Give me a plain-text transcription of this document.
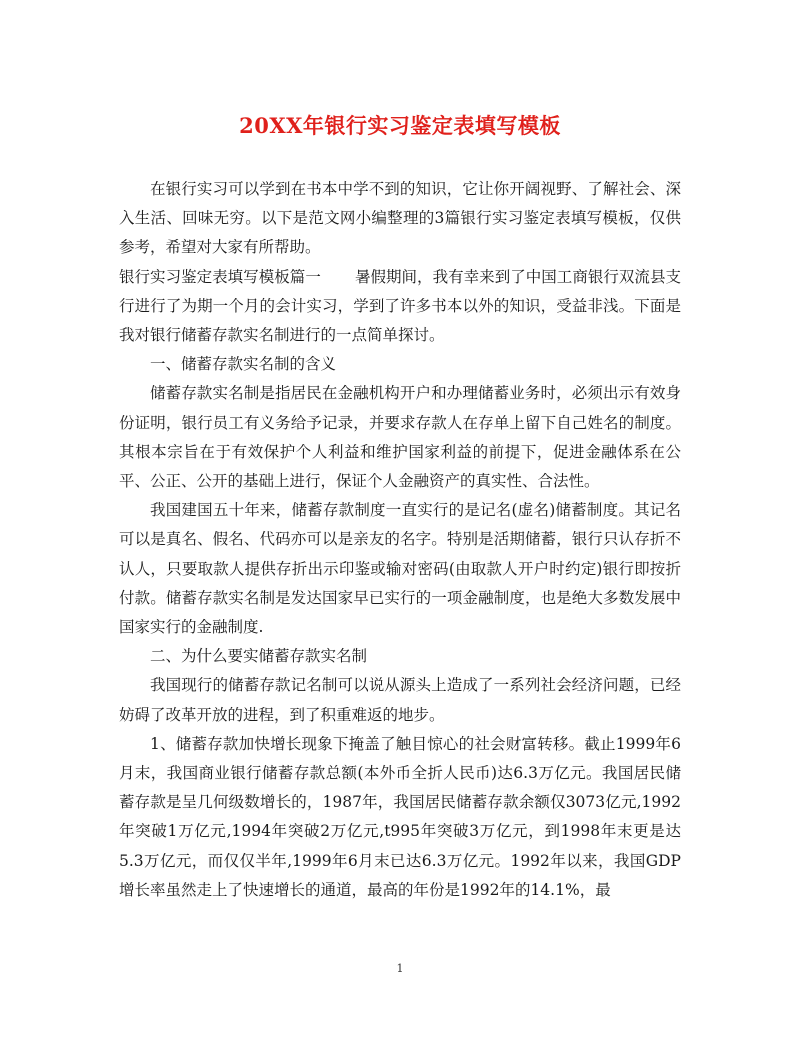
20XX年银行实习鉴定表填写模板

在银行实习可以学到在书本中学不到的知识，它让你开阔视野、了解社会、深入生活、回味无穷。以下是范文网小编整理的3篇银行实习鉴定表填写模板，仅供参考，希望对大家有所帮助。

银行实习鉴定表填写模板篇一 暑假期间，我有幸来到了中国工商银行双流县支行进行了为期一个月的会计实习，学到了许多书本以外的知识，受益非浅。下面是我对银行储蓄存款实名制进行的一点简单探讨。

一、储蓄存款实名制的含义

储蓄存款实名制是指居民在金融机构开户和办理储蓄业务时，必须出示有效身份证明，银行员工有义务给予记录，并要求存款人在存单上留下自己姓名的制度。其根本宗旨在于有效保护个人利益和维护国家利益的前提下，促进金融体系在公平、公正、公开的基础上进行，保证个人金融资产的真实性、合法性。

我国建国五十年来，储蓄存款制度一直实行的是记名(虚名)储蓄制度。其记名可以是真名、假名、代码亦可以是亲友的名字。特别是活期储蓄，银行只认存折不认人，只要取款人提供存折出示印鉴或输对密码(由取款人开户时约定)银行即按折付款。储蓄存款实名制是发达国家早已实行的一项金融制度，也是绝大多数发展中国家实行的金融制度.

二、为什么要实储蓄存款实名制

我国现行的储蓄存款记名制可以说从源头上造成了一系列社会经济问题，已经妨碍了改革开放的进程，到了积重难返的地步。

1、储蓄存款加快增长现象下掩盖了触目惊心的社会财富转移。截止1999年6月末，我国商业银行储蓄存款总额(本外币全折人民币)达6.3万亿元。我国居民储蓄存款是呈几何级数增长的，1987年，我国居民储蓄存款余额仅3073亿元,1992年突破1万亿元,1994年突破2万亿元,t995年突破3万亿元，到1998年末更是达5.3万亿元，而仅仅半年,1999年6月末已达6.3万亿元。1992年以来，我国GDP增长率虽然走上了快速增长的通道，最高的年份是1992年的14.1%，最

1
